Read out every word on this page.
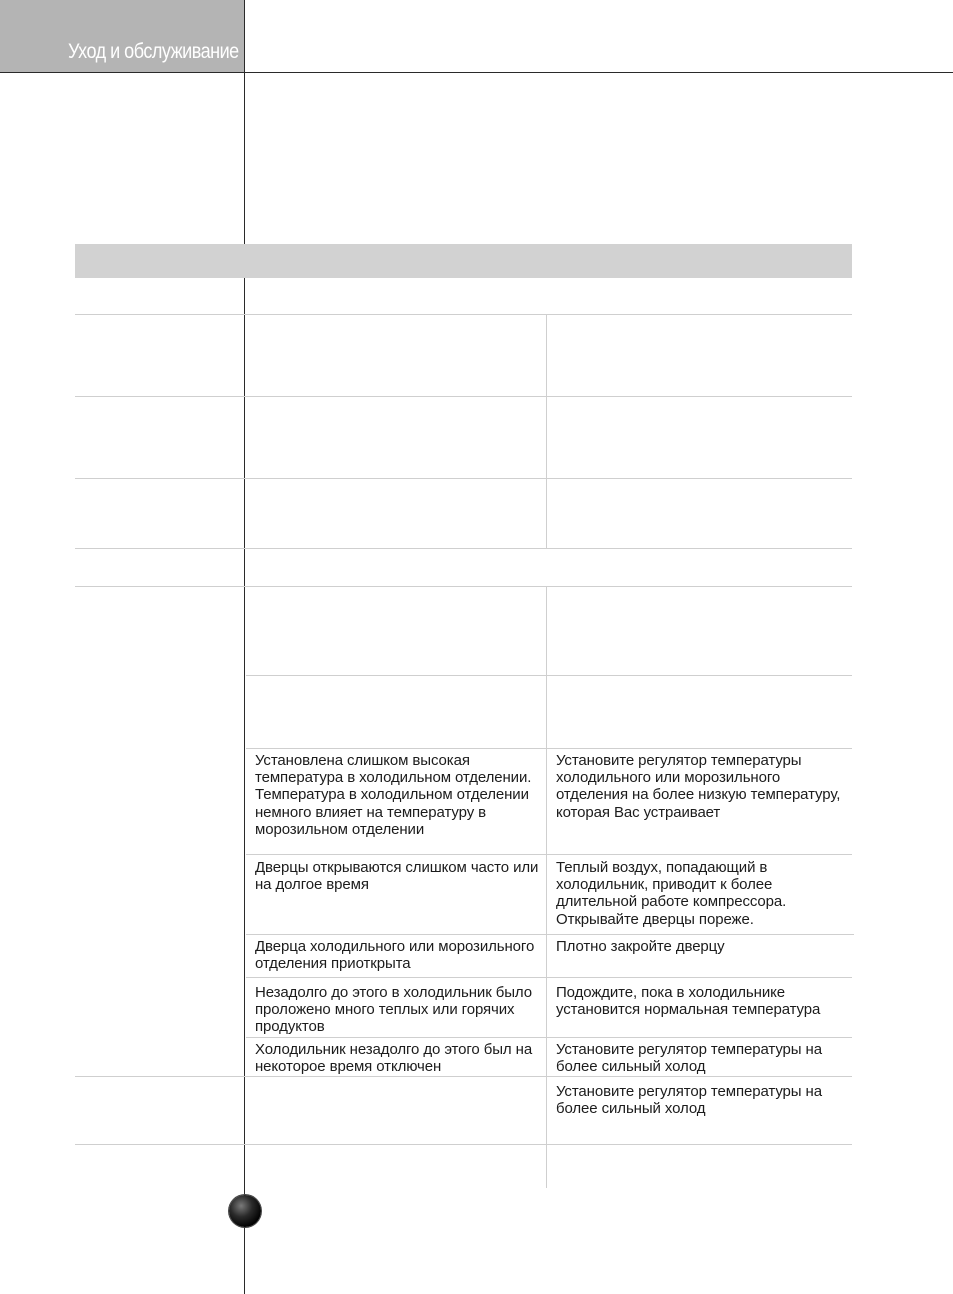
Уход и обслуживание
Установлена слишком высокая температура в холодильном отделении. Температура в холодильном отделении немного влияет на температуру в морозильном отделении
Установите регулятор температуры холодильного или морозильного отделения на более низкую температуру, которая Вас устраивает
Дверцы открываются слишком часто или на долгое время
Теплый воздух, попадающий в холодильник, приводит к более длительной работе компрессора. Открывайте дверцы пореже.
Дверца холодильного или морозильного отделения приоткрыта
Плотно закройте дверцу
Незадолго до этого в холодильник было проложено много теплых или горячих продуктов
Подождите, пока в холодильнике установится нормальная температура
Холодильник незадолго до этого был на некоторое время отключен
Установите регулятор температуры на более сильный холод
Установите регулятор температуры на более сильный холод
